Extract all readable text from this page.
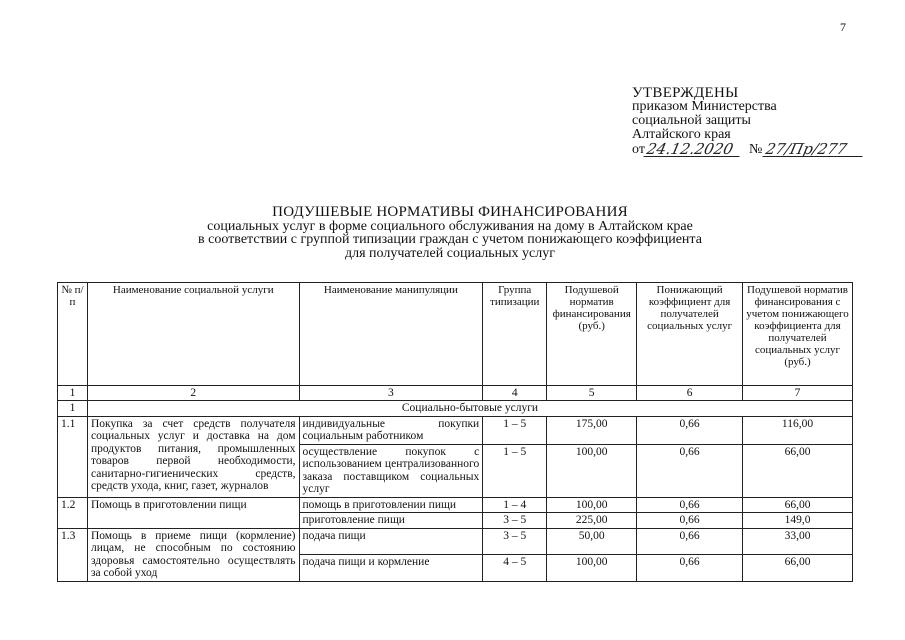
7
УТВЕРЖДЕНЫ
приказом Министерства
социальной защиты
Алтайского края
от 24.12.2020	№ 27/Пр/277
ПОДУШЕВЫЕ НОРМАТИВЫ ФИНАНСИРОВАНИЯ
социальных услуг в форме социального обслуживания на дому в Алтайском крае
в соответствии с группой типизации граждан с учетом понижающего коэффициента
для получателей социальных услуг
№ п/п	Наименование социальной услуги	Наименование манипуляции	Группа типизации	Подушевой норматив финансирования (руб.)	Понижающий коэффициент для получателей социальных услуг	Подушевой норматив финансирования с учетом понижающего коэффициента для получателей социальных услуг (руб.)
1	2	3	4	5	6	7
1	Социально-бытовые услуги					
1.1	Покупка за счет средств получателя социальных услуг и доставка на дом продуктов питания, промышленных товаров первой необходимости, санитарно-гигиенических средств, средств ухода, книг, газет, журналов	индивидуальные покупки социальным работником	1 – 5	175,00	0,66	116,00
		осуществление покупок с использованием централизованного заказа поставщиком социальных услуг	1 – 5	100,00	0,66	66,00
1.2	Помощь в приготовлении пищи	помощь в приготовлении пищи	1 – 4	100,00	0,66	66,00
		приготовление пищи	3 – 5	225,00	0,66	149,0
1.3	Помощь в приеме пищи (кормление) лицам, не способным по состоянию здоровья самостоятельно осуществлять за собой уход	подача пищи	3 – 5	50,00	0,66	33,00
		подача пищи и кормление	4 – 5	100,00	0,66	66,00
